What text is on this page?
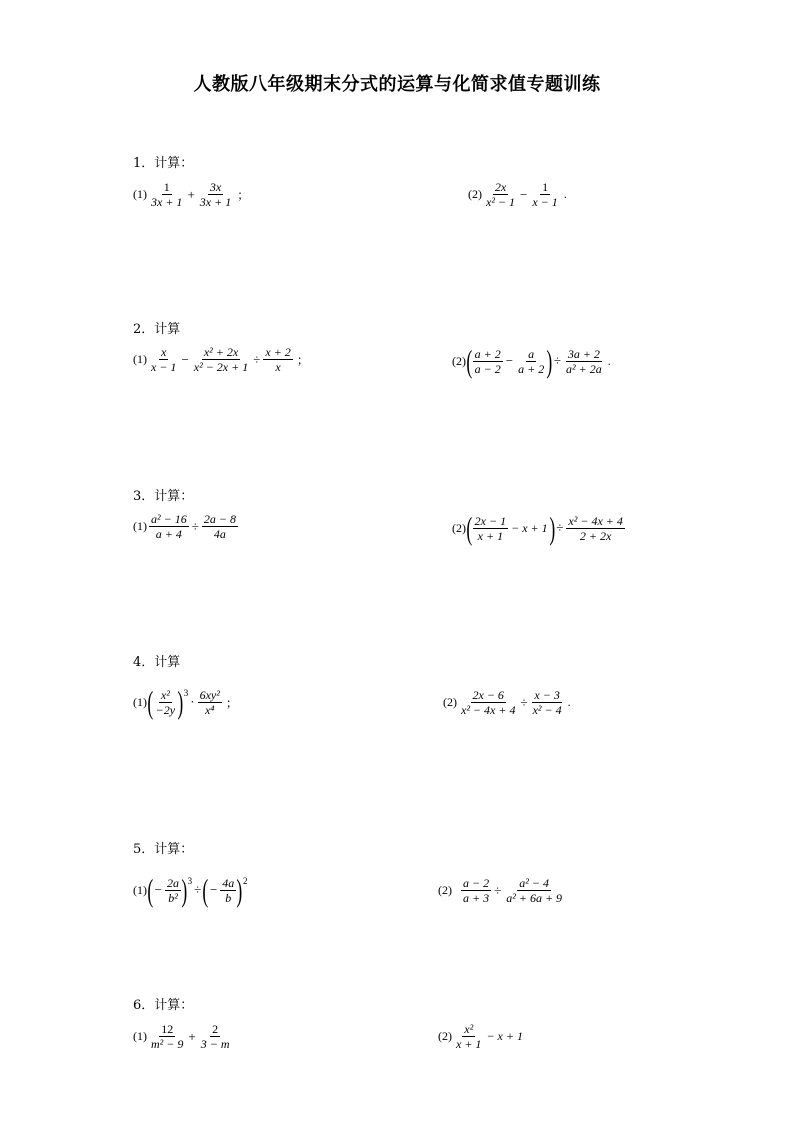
人教版八年级期末分式的运算与化简求值专题训练
1．计算：
$(1) \frac{1}{3x + 1} + \frac{3x}{3x + 1}$ ；	$(2) \frac{2x}{\text{x² − 1}} - \frac{1}{x - 1}$ .
2．计算
$(1) \frac{x}{x - 1} - \frac{\text{x² + 2x}}{\text{x² − 2x + 1}} \div \frac{x + 2}{x}$ ；	(2) ( $\frac{a + 2}{a - 2} - \frac{a}{a + 2}$ ) ÷ $\frac{3a + 2}{\text{a² + 2a}}$ .
3．计算：
$(1) \frac{\text{a² − 16}}{a + 4} \div \frac{2a - 8}{4a}$	(2) ( $\frac{2x - 1}{x + 1} - x + 1$ ) ÷ $\frac{\text{x² − 4x + 4}}{2 + 2x}$
4．计算
(1) ( $\frac{\text{x²}}{-2y}$ ) 3
· $\frac{\text{6xy²}}{\text{x⁴}}$ ；	$(2) \frac{2x - 6}{\text{x² − 4x + 4}} \div \frac{x - 3}{\text{x² − 4}}$ .
5．计算：
(1) ( − $\frac{2a}{\text{b²}}$ ) 3
÷ ( − $\frac{4a}{b}$ ) 2
$(2) \frac{a - 2}{a + 3} \div \frac{\text{a² − 4}}{\text{a² + 6a + 9}}$
6．计算：
$(1) \frac{12}{\text{m² − 9}} + \frac{2}{3 - m}$	$(2) \frac{\text{x²}}{x + 1} - x + 1$
